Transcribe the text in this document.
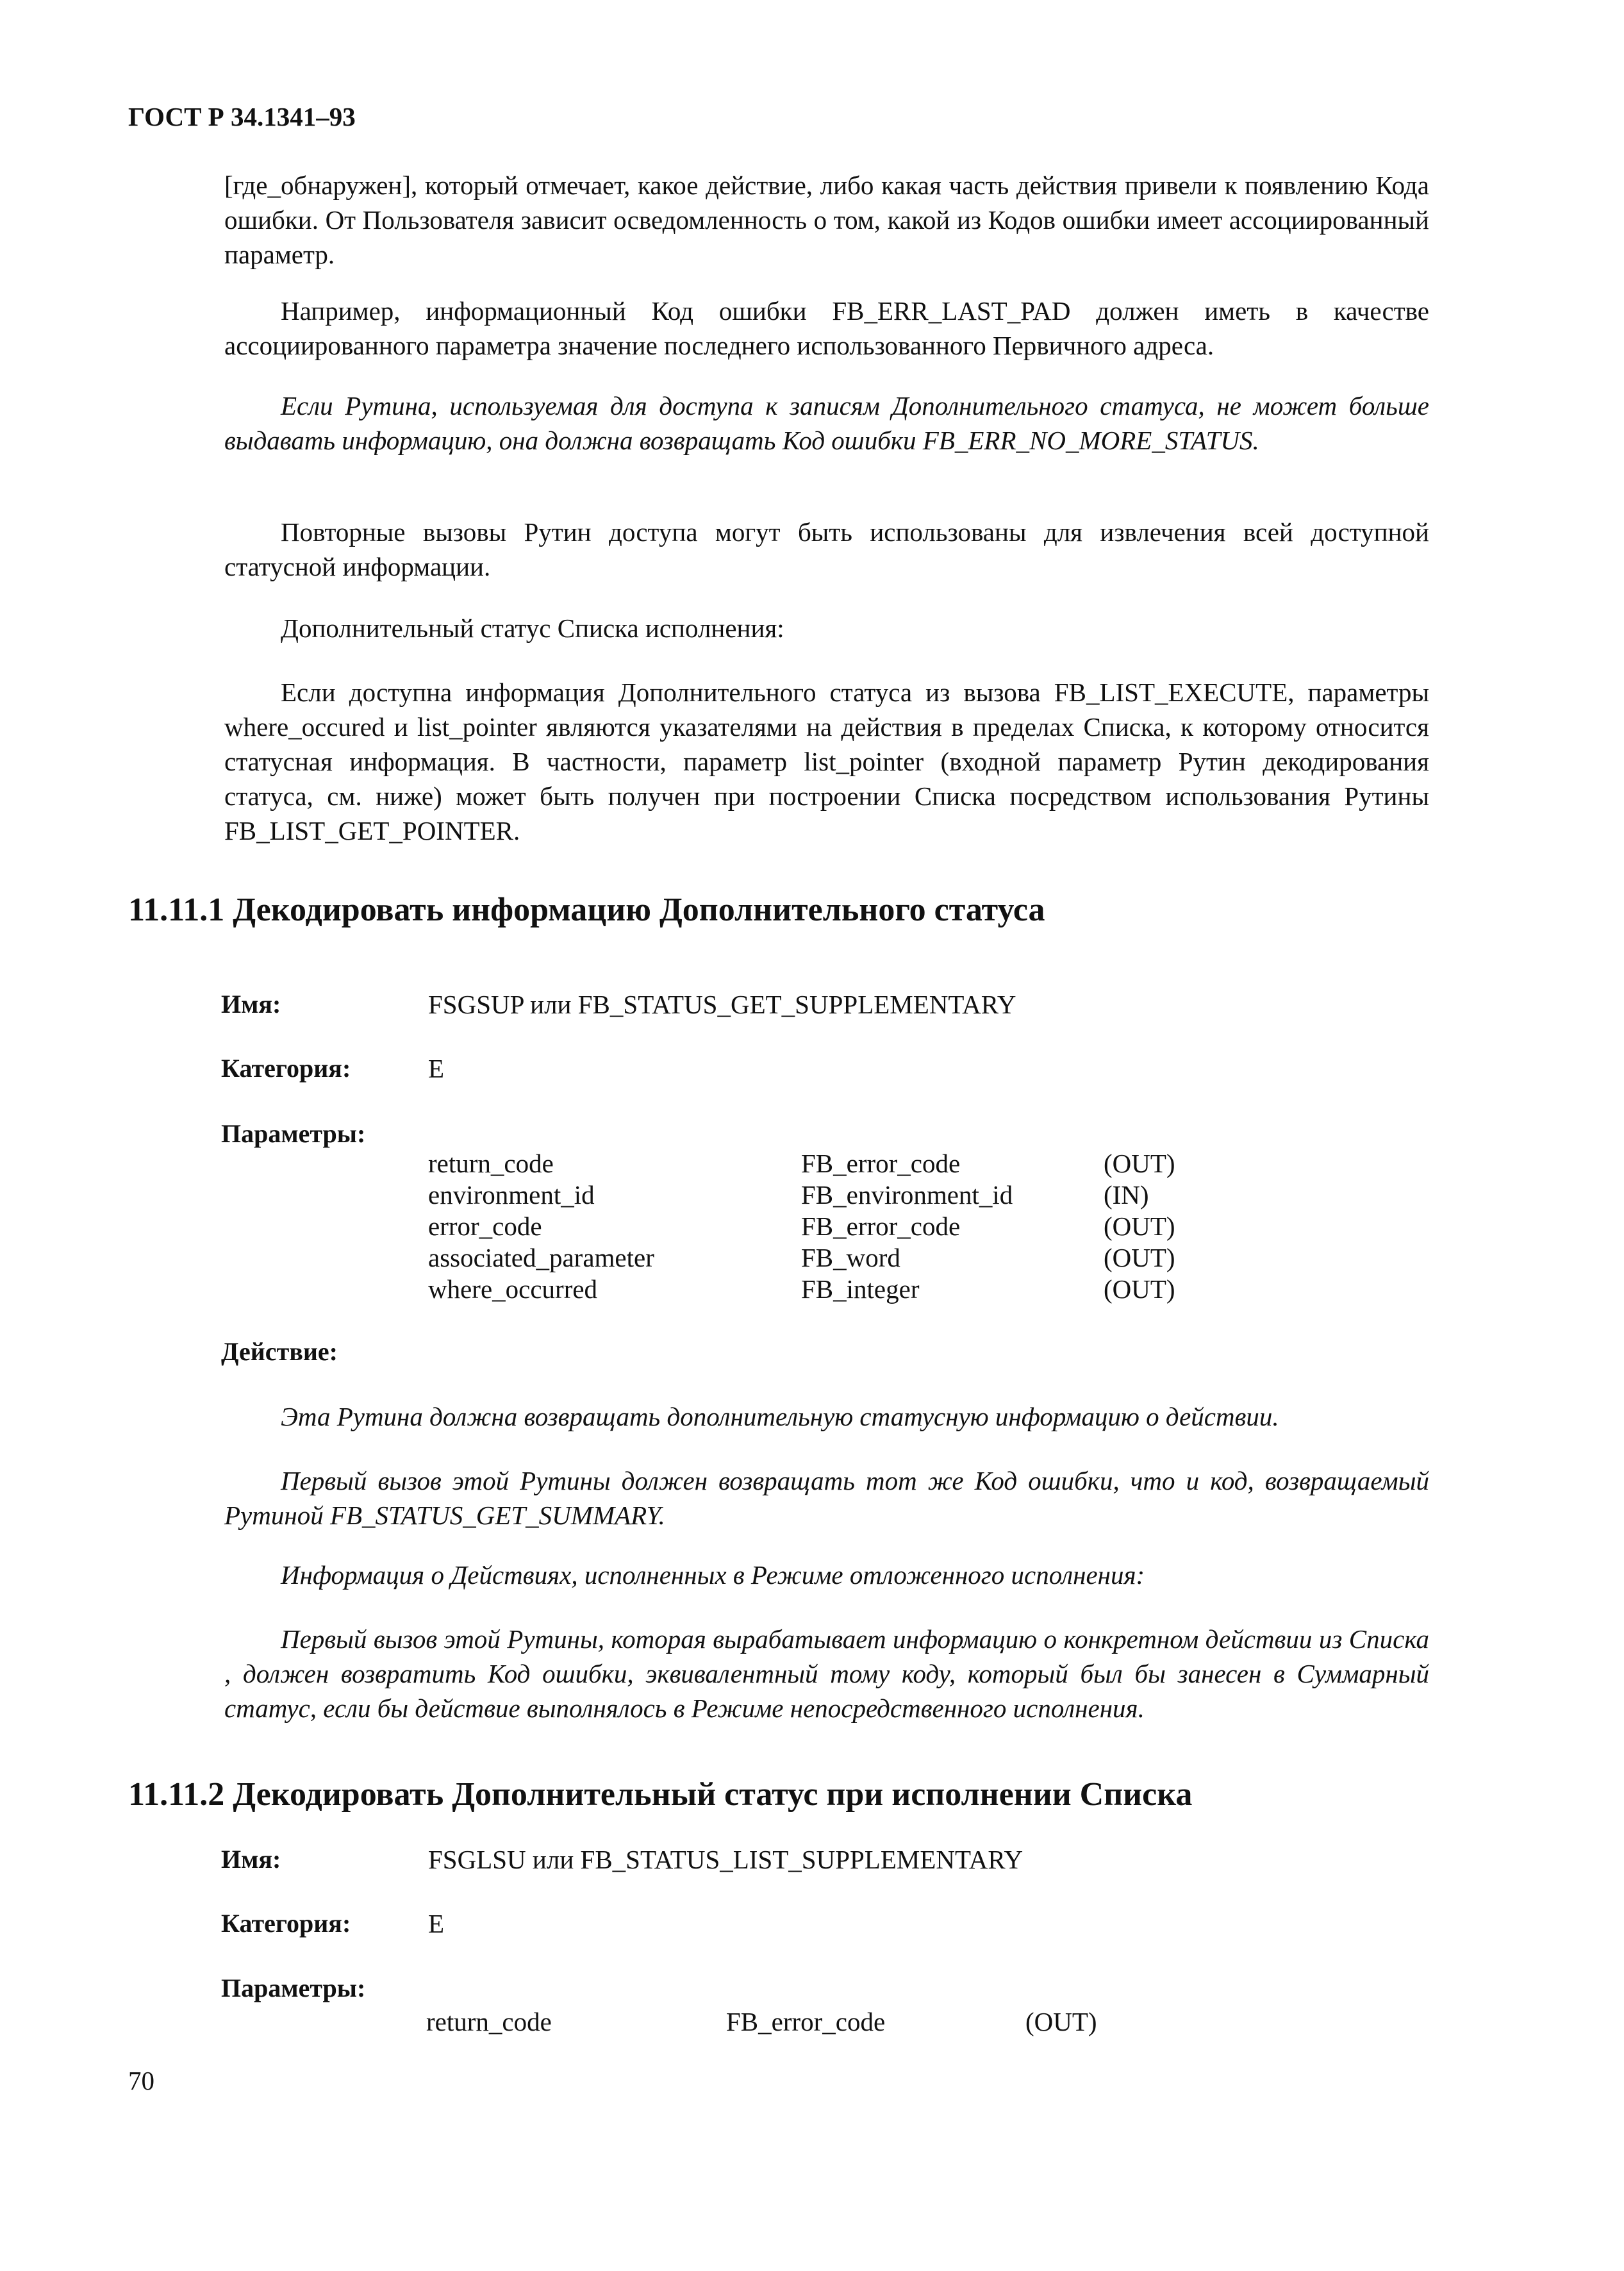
ГОСТ Р 34.1341–93

[где_обнаружен], который отмечает, какое действие, либо какая часть действия привели к появлению Кода ошибки. От Пользователя зависит осведомленность о том, какой из Кодов ошибки имеет ассоциированный параметр.

Например, информационный Код ошибки FB_ERR_LAST_PAD должен иметь в качестве ассоциированного параметра значение последнего использованного Первичного адреса.

Если Рутина, используемая для доступа к записям Дополнительного статуса, не может больше выдавать информацию, она должна возвращать Код ошибки FB_ERR_NO_MORE_STATUS.

Повторные вызовы Рутин доступа могут быть использованы для извлечения всей доступной статусной информации.

Дополнительный статус Списка исполнения:

Если доступна информация Дополнительного статуса из вызова FB_LIST_EXECUTE, параметры where_occured и list_pointer являются указателями на действия в пределах Списка, к которому относится статусная информация. В частности, параметр list_pointer (входной параметр Рутин декодирования статуса, см. ниже) может быть получен при построении Списка посредством использования Рутины FB_LIST_GET_POINTER.

11.11.1 Декодировать информацию Дополнительного статуса
Имя:	FSGSUP или FB_STATUS_GET_SUPPLEMENTARY
Категория:	E
Параметры:
return_code	FB_error_code	(OUT)
environment_id	FB_environment_id	(IN)
error_code	FB_error_code	(OUT)
associated_parameter	FB_word	(OUT)
where_occurred	FB_integer	(OUT)
Действие:

Эта Рутина должна возвращать дополнительную статусную информацию о действии.

Первый вызов этой Рутины должен возвращать тот же Код ошибки, что и код, возвращаемый Рутиной FB_STATUS_GET_SUMMARY.

Информация о Действиях, исполненных в Режиме отложенного исполнения:

Первый вызов этой Рутины, которая вырабатывает информацию о конкретном действии из Списка , должен возвратить Код ошибки, эквивалентный тому коду, который был бы занесен в Суммарный статус, если бы действие выполнялось в Режиме непосредственного исполнения.

11.11.2 Декодировать Дополнительный статус при исполнении Списка
Имя:	FSGLSU или FB_STATUS_LIST_SUPPLEMENTARY
Категория:	E
Параметры:
return_code	FB_error_code	(OUT)
70
